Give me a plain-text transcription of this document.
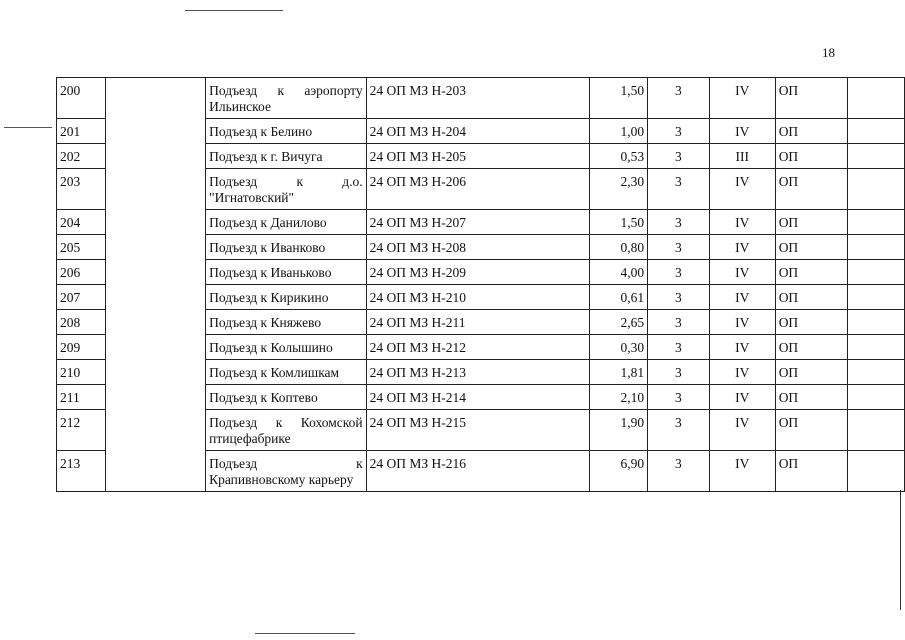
18
200		Подъезд к аэропорту Ильинское	24 ОП МЗ Н-203	1,50	3	IV	ОП	
201		Подъезд к Белино	24 ОП МЗ Н-204	1,00	3	IV	ОП	
202		Подъезд к г. Вичуга	24 ОП МЗ Н-205	0,53	3	III	ОП	
203		Подъезд к д.о. "Игнатовский"	24 ОП МЗ Н-206	2,30	3	IV	ОП	
204		Подъезд к Данилово	24 ОП МЗ Н-207	1,50	3	IV	ОП	
205		Подъезд к Иванково	24 ОП МЗ Н-208	0,80	3	IV	ОП	
206		Подъезд к Иваньково	24 ОП МЗ Н-209	4,00	3	IV	ОП	
207		Подъезд к Кирикино	24 ОП МЗ Н-210	0,61	3	IV	ОП	
208		Подъезд к Княжево	24 ОП МЗ Н-211	2,65	3	IV	ОП	
209		Подъезд к Колышино	24 ОП МЗ Н-212	0,30	3	IV	ОП	
210		Подъезд к Комлишкам	24 ОП МЗ Н-213	1,81	3	IV	ОП	
211		Подъезд к Коптево	24 ОП МЗ Н-214	2,10	3	IV	ОП	
212		Подъезд к Кохомской птицефабрике	24 ОП МЗ Н-215	1,90	3	IV	ОП	
213		Подъезд к Крапивновскому карьеру	24 ОП МЗ Н-216	6,90	3	IV	ОП	
